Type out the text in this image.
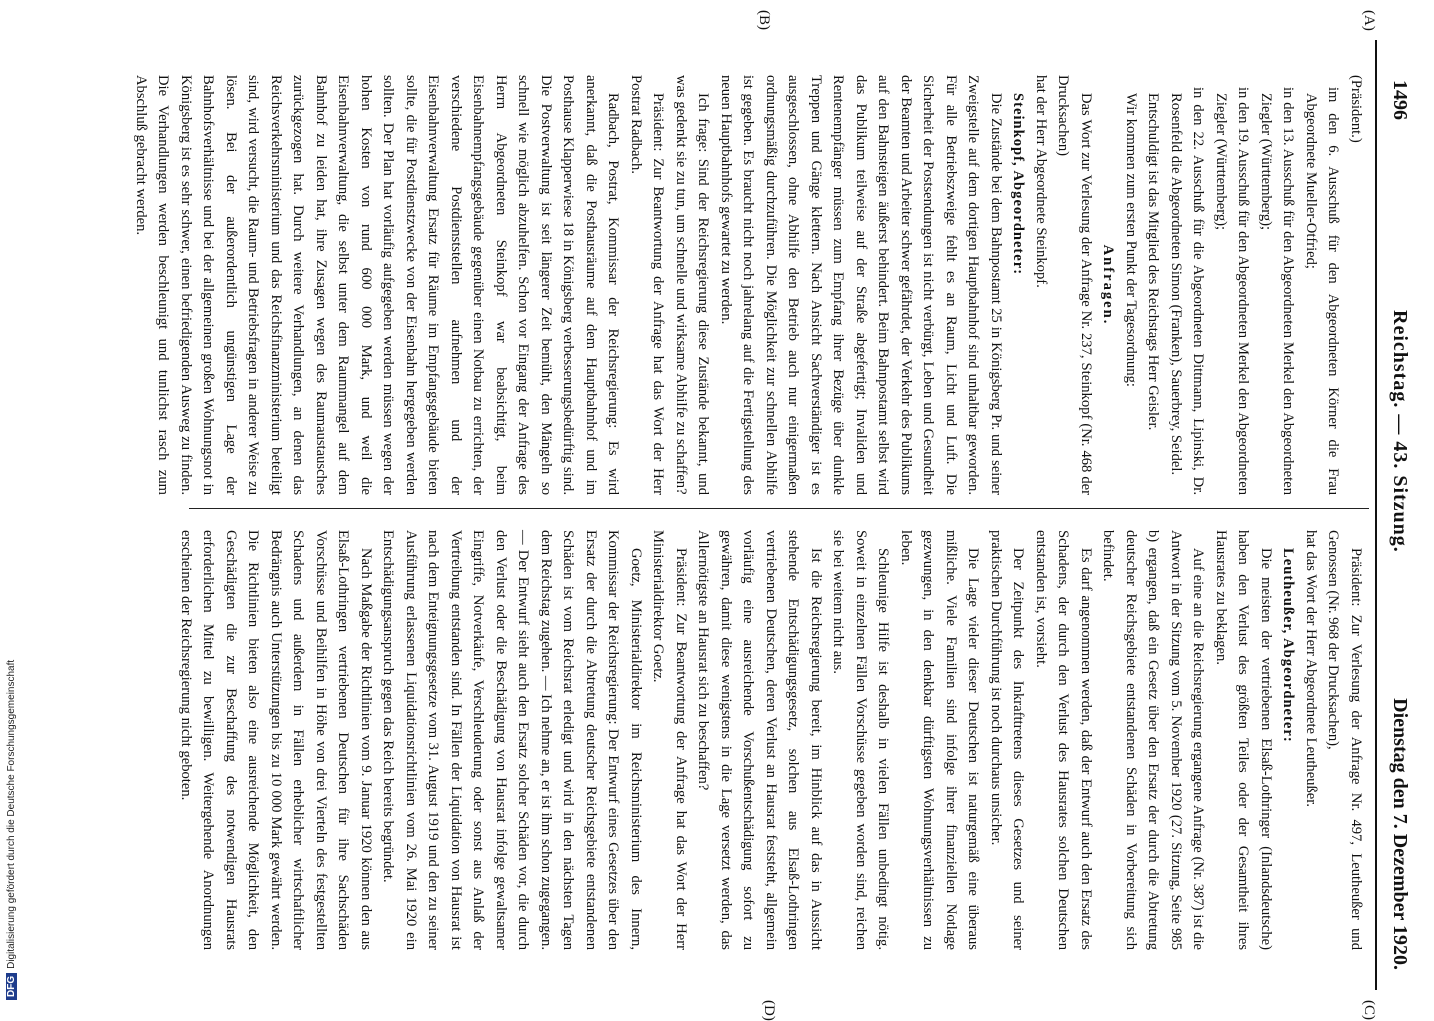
1496
Reichstag. — 43. Sitzung.
Dienstag den 7. Dezember 1920.
(A)
(B)
(C)
(D)

(Präsident.)

im den 6. Ausschuß für den Abgeordneten Körner die Frau Abgeordnete Mueller-Otfried;

in den 13. Ausschuß für den Abgeordneten Merkel den Abgeordneten Ziegler (Württemberg);

in den 19. Ausschuß für den Abgeordneten Merkel den Abgeordneten Ziegler (Württemberg);

in den 22. Ausschuß für die Abgeordneten Dittmann, Lipinski, Dr. Rosenfeld die Abgeordneten Simon (Franken), Sauerbrey, Seidel.

Entschuldigt ist das Mitglied des Reichstags Herr Geisler.

Wir kommen zum ersten Punkt der Tagesordnung:

Anfragen.

Das Wort zur Verlesung der Anfrage Nr. 237, Steinkopf (Nr. 468 der Drucksachen)

hat der Herr Abgeordnete Steinkopf.

Steinkopf, Abgeordneter:

Die Zustände bei dem Bahnpostamt 25 in Königsberg Pr. und seiner Zweigstelle auf dem dortigen Hauptbahnhof sind unhaltbar geworden. Für alle Betriebszweige fehlt es an Raum, Licht und Luft. Die Sicherheit der Postsendungen ist nicht verbürgt, Leben und Gesundheit der Beamten und Arbeiter schwer gefährdet, der Verkehr des Publikums auf den Bahnsteigen äußerst behindert. Beim Bahnpostamt selbst wird das Publikum teilweise auf der Straße abgefertigt; Invaliden und Rentenempfänger müssen zum Empfang ihrer Bezüge über dunkle Treppen und Gänge klettern. Nach Ansicht Sachverständiger ist es ausgeschlossen, ohne Abhilfe den Betrieb auch nur einigermaßen ordnungsmäßig durchzuführen. Die Möglichkeit zur schnellen Abhilfe ist gegeben. Es braucht nicht noch jahrelang auf die Fertigstellung des neuen Hauptbahnhofs gewartet zu werden.

Ich frage: Sind der Reichsregierung diese Zustände bekannt, und was gedenkt sie zu tun, um schnelle und wirksame Abhilfe zu schaffen?

Präsident: Zur Beantwortung der Anfrage hat das Wort der Herr Postrat Radbach.

Radbach, Postrat, Kommissar der Reichsregierung: Es wird anerkannt, daß die Posthausräume auf dem Hauptbahnhof und im Posthause Klapperwiese 18 in Königsberg verbesserungsbedürftig sind. Die Postverwaltung ist seit längerer Zeit bemüht, den Mängeln so schnell wie möglich abzuhelfen. Schon vor Eingang der Anfrage des Herrn Abgeordneten Steinkopf war beabsichtigt, beim Eisenbahnempfangsgebäude gegenüber einen Notbau zu errichten, der verschiedene Postdienststellen aufnehmen und der Eisenbahnverwaltung Ersatz für Räume im Empfangsgebäude bieten sollte, die für Postdienstzwecke von der Eisenbahn hergegeben werden sollten. Der Plan hat vorläufig aufgegeben werden müssen wegen der hohen Kosten von rund 600 000 Mark, und weil die Eisenbahnverwaltung, die selbst unter dem Raummangel auf dem Bahnhof zu leiden hat, ihre Zusagen wegen des Raumaustausches zurückgezogen hat. Durch weitere Verhandlungen, an denen das Reichsverkehrsministerium und das Reichsfinanzministerium beteiligt sind, wird versucht, die Raum- und Betriebsfragen in anderer Weise zu lösen. Bei der außerordentlich ungünstigen Lage der Bahnhofsverhältnisse und bei der allgemeinen großen Wohnungsnot in Königsberg ist es sehr schwer, einen befriedigenden Ausweg zu finden. Die Verhandlungen werden beschleunigt und tunlichst rasch zum Abschluß gebracht werden.

Präsident: Zur Verlesung der Anfrage Nr. 497, Leutheußer und Genossen (Nr. 968 der Drucksachen),

hat das Wort der Herr Abgeordnete Leutheußer.

Leutheußer, Abgeordneter:

Die meisten der vertriebenen Elsaß-Lothringer (Inlandsdeutsche) haben den Verlust des größten Teiles oder der Gesamtheit ihres Hausrates zu beklagen.

Auf eine an die Reichsregierung ergangene Anfrage (Nr. 387) ist die Antwort in der Sitzung vom 5. November 1920 (27. Sitzung, Seite 985 b) ergangen, daß ein Gesetz über den Ersatz der durch die Abtretung deutscher Reichsgebiete entstandenen Schäden in Vorbereitung sich befindet.

Es darf angenommen werden, daß der Entwurf auch den Ersatz des Schadens, der durch den Verlust des Hausrates solchen Deutschen entstanden ist, vorsieht.

Der Zeitpunkt des Inkrafttretens dieses Gesetzes und seiner praktischen Durchführung ist noch durchaus unsicher.

Die Lage vieler dieser Deutschen ist naturgemäß eine überaus mißliche. Viele Familien sind infolge ihrer finanziellen Notlage gezwungen, in den denkbar dürftigsten Wohnungsverhältnissen zu leben.

Schleunige Hilfe ist deshalb in vielen Fällen unbedingt nötig. Soweit in einzelnen Fällen Vorschüsse gegeben worden sind, reichen sie bei weitem nicht aus.

Ist die Reichsregierung bereit, im Hinblick auf das in Aussicht stehende Entschädigungsgesetz, solchen aus Elsaß-Lothringen vertriebenen Deutschen, deren Verlust an Hausrat feststeht, allgemein vorläufig eine ausreichende Vorschußentschädigung sofort zu gewähren, damit diese wenigstens in die Lage versetzt werden, das Allernötigste an Hausrat sich zu beschaffen?

Präsident: Zur Beantwortung der Anfrage hat das Wort der Herr Ministerialdirektor Goetz.

Goetz, Ministerialdirektor im Reichsministerium des Innern, Kommissar der Reichsregierung: Der Entwurf eines Gesetzes über den Ersatz der durch die Abtretung deutscher Reichsgebiete entstandenen Schäden ist vom Reichsrat erledigt und wird in den nächsten Tagen dem Reichstag zugehen. — Ich nehme an, er ist ihm schon zugegangen. — Der Entwurf sieht auch den Ersatz solcher Schäden vor, die durch den Verlust oder die Beschädigung von Hausrat infolge gewaltsamer Eingriffe, Notverkäufe, Verschleuderung oder sonst aus Anlaß der Vertreibung entstanden sind. In Fällen der Liquidation von Hausrat ist nach dem Enteignungsgesetze vom 31. August 1919 und den zu seiner Ausführung erlassenen Liquidationsrichtlinien vom 26. Mai 1920 ein Entschädigungsanspruch gegen das Reich bereits begründet.

Nach Maßgabe der Richtlinien vom 9. Januar 1920 können den aus Elsaß-Lothringen vertriebenen Deutschen für ihre Sachschäden Vorschüsse und Beihilfen in Höhe von drei Vierteln des festgestellten Schadens und außerdem in Fällen erheblicher wirtschaftlicher Bedrängnis auch Unterstützungen bis zu 10 000 Mark gewährt werden. Die Richtlinien bieten also eine ausreichende Möglichkeit, den Geschädigten die zur Beschaffung des notwendigen Hausrats erforderlichen Mittel zu bewilligen. Weitergehende Anordnungen erscheinen der Reichsregierung nicht geboten.

DFGDigitalisierung gefördert durch die Deutsche Forschungsgemeinschaft
